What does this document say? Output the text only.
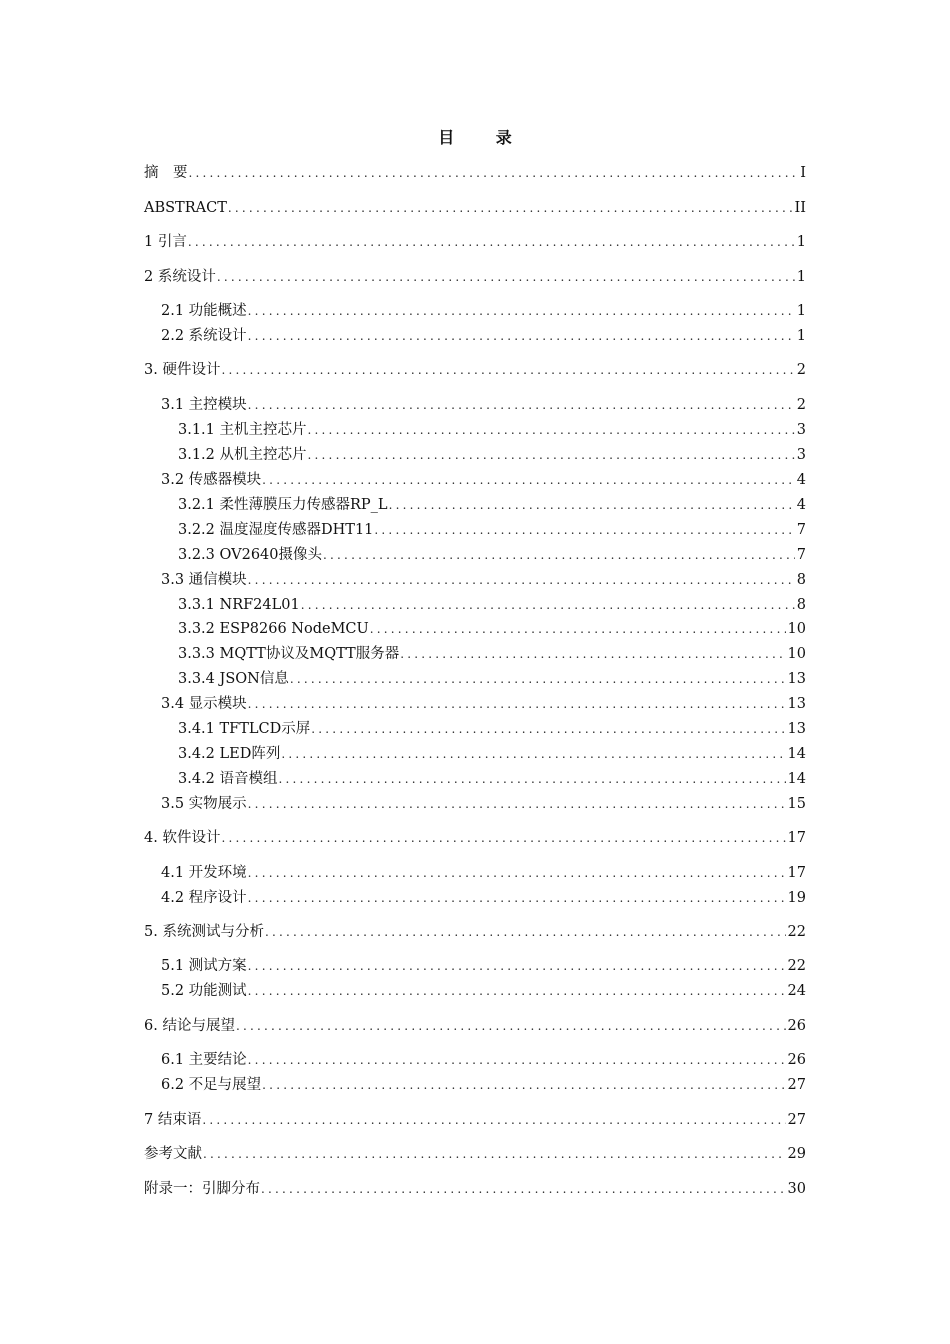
目 录
摘　要 .....	I
ABSTRACT .....	II
1 引言 .....	1
2 系统设计 .....	1
2.1 功能概述 .....	1
2.2 系统设计 .....	1
3. 硬件设计 .....	2
3.1 主控模块 .....	2
3.1.1 主机主控芯片 .....	3
3.1.2 从机主控芯片 .....	3
3.2 传感器模块 .....	4
3.2.1 柔性薄膜压力传感器RP_L .....	4
3.2.2 温度湿度传感器DHT11 .....	7
3.2.3 OV2640摄像头 .....	7
3.3 通信模块 .....	8
3.3.1 NRF24L01 .....	8
3.3.2 ESP8266 NodeMCU .....	10
3.3.3 MQTT协议及MQTT服务器 .....	10
3.3.4 JSON信息 .....	13
3.4 显示模块 .....	13
3.4.1 TFTLCD示屏 .....	13
3.4.2 LED阵列 .....	14
3.4.2 语音模组 .....	14
3.5 实物展示 .....	15
4. 软件设计 .....	17
4.1 开发环境 .....	17
4.2 程序设计 .....	19
5. 系统测试与分析 .....	22
5.1 测试方案 .....	22
5.2 功能测试 .....	24
6. 结论与展望 .....	26
6.1 主要结论 .....	26
6.2 不足与展望 .....	27
7 结束语 .....	27
参考文献 .....	29
附录一：引脚分布 .....	30
